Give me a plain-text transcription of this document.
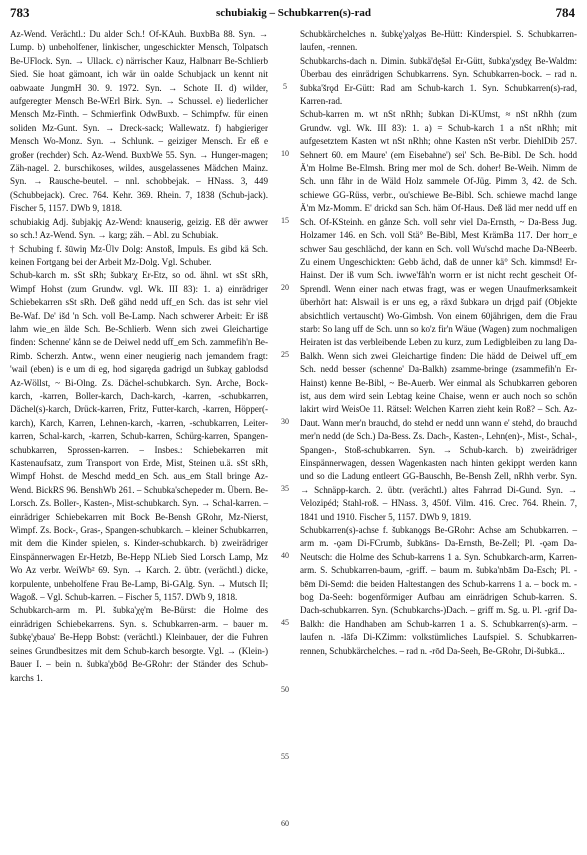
783	schubiakig – Schubkarren(s)-rad	784

Az-Wend. Verächtl.: Du alder Sch.! Of-KAuh. BuxbBa 88. Syn. → Lump. b) unbeholfener, linkischer, ungeschickter Mensch, Tolpatsch Be-UFlock. Syn. → Ullack. c) närrischer Kauz, Halbnarr Be-Schlierb Sied. Sie hoat gämoant, ich wär ün oalde Schubjack un kennt nit oabwaate JungmH 30. 9. 1972. Syn. → Schote II. d) wilder, aufgeregter Mensch Be-WErl Birk. Syn. → Schussel. e) liederlicher Mensch Mz-Finth. – Schmierfink OdwBuxb. – Schimpfw. für einen soliden Mz-Gunt. Syn. → Dreck-sack; Wallewatz. f) habgieriger Mensch Wo-Monz. Syn. → Schlunk. – geiziger Mensch. Er eß e großer (rechder) Sch. Az-Wend. BuxbWe 55. Syn. → Hunger-magen; Zäh-nagel. 2. burschikoses, wildes, ausgelassenes Mädchen Mainz. Syn. → Rausche-beutel. – nnl. schobbejak. – HNass. 3, 449 (Schubbejack). Crec. 764. Kehr. 369. Rhein. 7, 1838 (Schub-jack). Fischer 5, 1157. DWb 9, 1818.

schubiakig Adj. šubjakįç Az-Wend: knauserig, geizig. Eß dër awwer so sch.! Az-Wend. Syn. → karg; zäh. – Abl. zu Schubiak.

† Schubing f. šūwiŋ Mz-Ülv Dolg: Anstoß, Impuls. Es gibd kä Sch. keinen Fortgang bei der Arbeit Mz-Dolg. Vgl. Schuber.

Schub-karch m. sSt sRh; šubkaʳχ Er-Etz, so od. ähnl. wt sSt sRh, Wimpf Hohst (zum Grundw. vgl. Wk. III 83): 1. a) einrädriger Schiebekarren sSt sRh. Deß gähd nedd uff_en Sch. das ist sehr viel Be-Waf. De' išd 'n Sch. voll Be-Lamp. Nach schwerer Arbeit: Er išß lahm wie_en älde Sch. Be-Schlierb. Wenn sich zwei Gleichartige finden: Schenne' kånn se de Deiwel nedd uff_em Sch. zammefih'n Be-Rimb. Scherzh. Antw., wenn einer neugierig nach jemandem fragt: 'wail (eben) is e um di eg, hod sigaręda gadrigd un šubkaχ gablodsd Az-Wöllst, ~ Bi-Olng. Zs. Dächel-schubkarch. Syn. Arche, Bock-karch, -karren, Boller-karch, Dach-karch, -karren, -schubkarren, Dächel(s)-karch, Drück-karren, Fritz, Futter-karch, -karren, Höpper(-karch), Karch, Karren, Lehnen-karch, -karren, -schubkarren, Leiter-karren, Schal-karch, -karren, Schub-karren, Schürg-karren, Spangen-schubkarren, Sprossen-karren. – Insbes.: Schiebekarren mit Kastenaufsatz, zum Transport von Erde, Mist, Steinen u.ä. sSt sRh, Wimpf Hohst. de Meschd medd_en Sch. aus_em Stall bringe Az-Wend. BickRS 96. BenshWb 261. – Schubka'schepeder m. Übern. Be-Lorsch. Zs. Boller-, Kasten-, Mist-schubkarch. Syn. → Schal-karren. – einrädriger Schiebekarren mit Bock Be-Bensh GRohr, Mz-Nierst, Wimpf. Zs. Bock-, Gras-, Spangen-schubkarch. – kleiner Schubkarren, mit dem die Kinder spielen, s. Kinder-schubkarch. b) zweirädriger Einspännerwagen Er-Hetzb, Be-Hepp NLieb Sied Lorsch Lamp, Mz Wo Az verbr. WeiWb² 69. Syn. → Karch. 2. übtr. (verächtl.) dicke, korpulente, unbeholfene Frau Be-Lamp, Bi-GAlg. Syn. → Mutsch II; Wagoß. – Vgl. Schub-karren. – Fischer 5, 1157. DWb 9, 1818.

Schubkarch-arm m. Pl. šubka'χę'm Be-Bürst: die Holme des einrädrigen Schiebekarrens. Syn. s. Schubkarren-arm. – bauer m. šubkę'χbauə' Be-Hepp Bobst: (verächtl.) Kleinbauer, der die Fuhren seines Grundbesitzes mit dem Schub-karch besorgte. Vgl. → (Klein-) Bauer I. – bein n. šubka'χbōḍ Be-GRohr: der Ständer des Schub-karchs 1.

5
10
15
20
25
30
35
40
45
50
55
60

Schubkärchelches n. šubkę'χəlχəs Be-Hütt: Kinderspiel. S. Schubkarren-laufen, -rennen.

Schubkarchs-dach n. Dimin. šubkä'dęšəl Er-Gütt, šubka'χsdęχ Be-Waldm: Überbau des einrädrigen Schubkarrens. Syn. Schubkarren-bock. – rad n. šubka'šrǫd Er-Gütt: Rad am Schub-karch 1. Syn. Schubkarren(s)-rad, Karren-rad.

Schub-karren m. wt nSt nRhh; šubkan Di-KUmst, ≈ nSt nRhh (zum Grundw. vgl. Wk. III 83): 1. a) = Schub-karch 1 a nSt nRhh; mit aufgesetztem Kasten wt nSt nRhh; ohne Kasten nSt verbr. DiehlDib 257. Sehnert 60. em Maure' (em Eisebahne') sei' Sch. Be-Bibl. De Sch. hodd Ä'm Holme Be-Elmsh. Bring mer mol de Sch. doher! Be-Weih. Nimm de Sch. unn fåhr in de Wäld Holz sammele Of-Jüg. Pimm 3, 42. de Sch. schiewe GG-Rüss, verbr., ou'schiewe Be-Bibl. Sch. schiewe machd lange Ä'm Mz-Momm. E' drickd san Sch. häm Of-Haus. Deß läd mer nedd uff en Sch. Of-KSteinh. en gånze Sch. voll sehr viel Da-Ernsth, ~ Da-Bess Jug. Holzamer 146. en Sch. voll Stä° Be-Bibl, Mest KrämBa 117. Der horr_e schwer Sau geschlächd, der kann en Sch. voll Wu'schd mache Da-NBeerb. Zu einem Ungeschickten: Gebb ächd, daß de unner kä° Sch. kimmsd! Er-Hainst. Der iß vum Sch. iwwe'fåh'n worrn er ist nicht recht gescheit Of-Sprendl. Wenn einer nach etwas fragt, was er wegen Unaufmerksamkeit überhört hat: Alswail is er uns eg, ə räxd šubkarə un drįgd paif (Objekte absichtlich vertauscht) Wo-Gimbsh. Von einem 60jährigen, dem die Frau starb: So lang uff de Sch. unn so ko'z fir'n Wäue (Wagen) zum nochmaligen Heiraten ist das verbleibende Leben zu kurz, zum Ledigbleiben zu lang Da-Balkh. Wenn sich zwei Gleichartige finden: Die hädd de Deiwel uff_em Sch. nedd besser (schenne' Da-Balkh) zsamme-bringe (zsammefih'n Er-Hainst) kenne Be-Bibl, ~ Be-Auerb. Wer einmal als Schubkarren geboren ist, aus dem wird sein Lebtag keine Chaise, wenn er auch noch so schön lakirt wird WeisOe 11. Rätsel: Welchen Karren zieht kein Roß? – Sch. Az-Daut. Wann mer'n brauchd, do stehd er nedd unn wann e' stehd, do brauchd mer'n nedd (de Sch.) Da-Bess. Zs. Dach-, Kasten-, Lehn(en)-, Mist-, Schal-, Spangen-, Stoß-schubkarren. Syn. → Schub-karch. b) zweirädriger Einspännerwagen, dessen Wagenkasten nach hinten gekippt werden kann und so die Ladung entleert GG-Bauschh, Be-Bensh Zell, nRhh verbr. Syn. → Schnäpp-karch. 2. übtr. (verächtl.) altes Fahrrad Di-Gund. Syn. → Velozipéd; Stahl-roß. – HNass. 3, 450f. Vilm. 416. Crec. 764. Rhein. 7, 1841 und 1910. Fischer 5, 1157. DWb 9, 1819.

Schubkarren(s)-achse f. šubkanǫgs Be-GRohr: Achse am Schubkarren. – arm m. -ǫǝm Di-FCrumb, šubkāns- Da-Ernsth, Be-Zell; Pl. -ǫǝm Da-Neutsch: die Holme des Schub-karrens 1 a. Syn. Schubkarch-arm, Karren-arm. S. Schubkarren-baum, -griff. – baum m. šubka'nbām Da-Esch; Pl. -bēm Di-Semd: die beiden Haltestangen des Schub-karrens 1 a. – bock m. -bog Da-Seeh: bogenförmiger Aufbau am einrädrigen Schub-karren. S. Dach-schubkarren. Syn. (Schubkarchs-)Dach. – griff m. Sg. u. Pl. -grif Da-Balkh: die Handhaben am Schub-karren 1 a. S. Schubkarren(s)-arm. – laufen n. -lāfə Di-KZimm: volkstümliches Laufspiel. S. Schubkarren-rennen, Schubkärchelches. – rad n. -rōd Da-Seeh, Be-GRohr, Di-šubkā...
